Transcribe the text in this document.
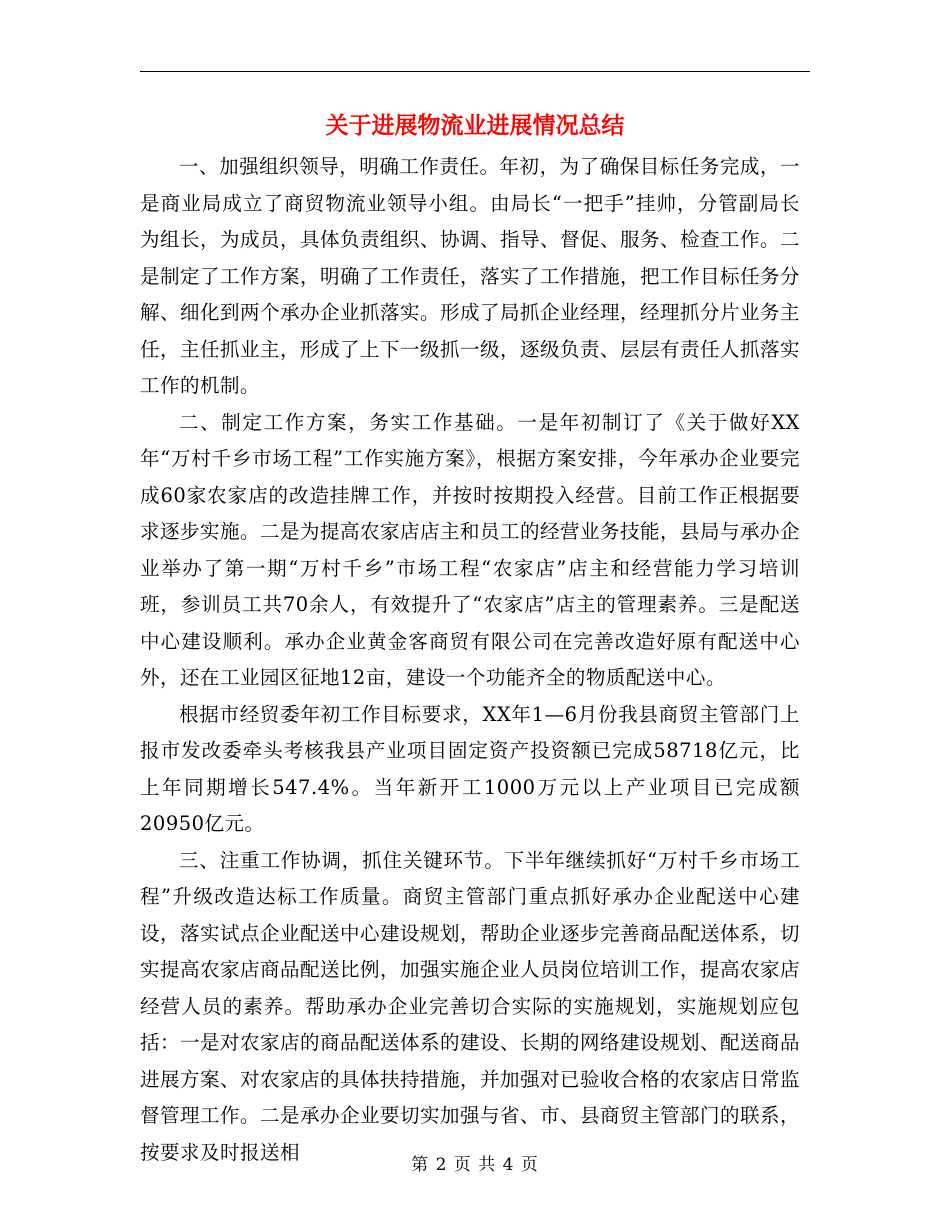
关于进展物流业进展情况总结

一、加强组织领导，明确工作责任。年初，为了确保目标任务完成，一是商业局成立了商贸物流业领导小组。由局长“一把手”挂帅，分管副局长为组长，为成员，具体负责组织、协调、指导、督促、服务、检查工作。二是制定了工作方案，明确了工作责任，落实了工作措施，把工作目标任务分解、细化到两个承办企业抓落实。形成了局抓企业经理，经理抓分片业务主任，主任抓业主，形成了上下一级抓一级，逐级负责、层层有责任人抓落实工作的机制。

二、制定工作方案，务实工作基础。一是年初制订了《关于做好XX年“万村千乡市场工程”工作实施方案》，根据方案安排，今年承办企业要完成60家农家店的改造挂牌工作，并按时按期投入经营。目前工作正根据要求逐步实施。二是为提高农家店店主和员工的经营业务技能，县局与承办企业举办了第一期“万村千乡”市场工程“农家店”店主和经营能力学习培训班，参训员工共70余人，有效提升了“农家店”店主的管理素养。三是配送中心建设顺利。承办企业黄金客商贸有限公司在完善改造好原有配送中心外，还在工业园区征地12亩，建设一个功能齐全的物质配送中心。

根据市经贸委年初工作目标要求，XX年1—6月份我县商贸主管部门上报市发改委牵头考核我县产业项目固定资产投资额已完成58718亿元，比上年同期增长547.4%。当年新开工1000万元以上产业项目已完成额20950亿元。

三、注重工作协调，抓住关键环节。下半年继续抓好“万村千乡市场工程”升级改造达标工作质量。商贸主管部门重点抓好承办企业配送中心建设，落实试点企业配送中心建设规划，帮助企业逐步完善商品配送体系，切实提高农家店商品配送比例，加强实施企业人员岗位培训工作，提高农家店经营人员的素养。帮助承办企业完善切合实际的实施规划，实施规划应包括：一是对农家店的商品配送体系的建设、长期的网络建设规划、配送商品进展方案、对农家店的具体扶持措施，并加强对已验收合格的农家店日常监督管理工作。二是承办企业要切实加强与省、市、县商贸主管部门的联系，按要求及时报送相

第 2 页 共 4 页
